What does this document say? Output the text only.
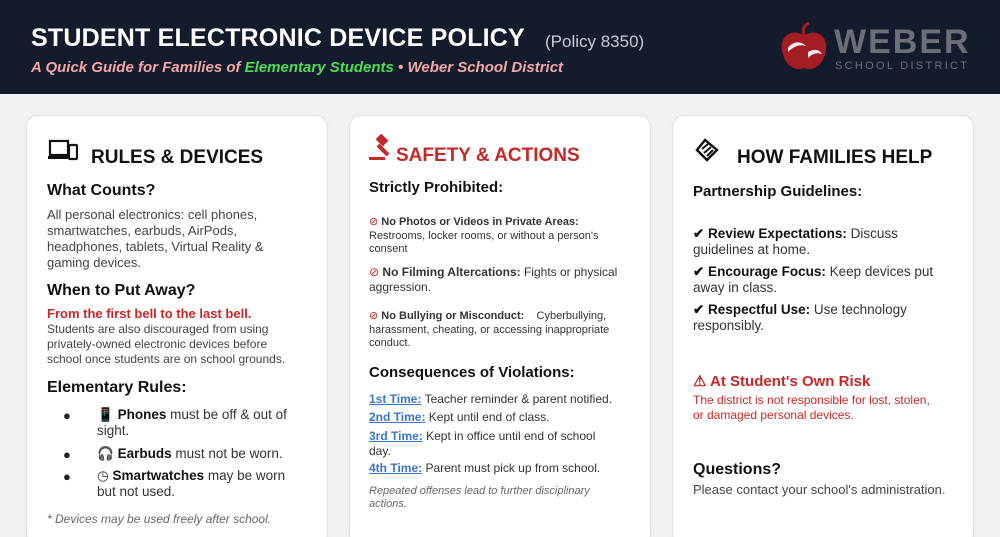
STUDENT ELECTRONIC DEVICE POLICY (Policy 8350)
A Quick Guide for Families of Elementary Students • Weber School District
WEBER
SCHOOL DISTRICT
RULES & DEVICES
What Counts?
All personal electronics: cell phones,
smartwatches, earbuds, AirPods,
headphones, tablets, Virtual Reality &
gaming devices.
When to Put Away?
From the first bell to the last bell.
Students are also discouraged from using
privately-owned electronic devices before
school once students are on school grounds.
Elementary Rules:
● 📱 Phones must be off & out of
sight.
● 🎧 Earbuds must not be worn.
● ◷ Smartwatches may be worn
but not used.
* Devices may be used freely after school.
SAFETY & ACTIONS
Strictly Prohibited:
⊘ No Photos or Videos in Private Areas:
Restrooms, locker rooms, or without a person's
consent
⊘ No Filming Altercations: Fights or physical
aggression.
⊘ No Bullying or Misconduct: Cyberbullying,
harassment, cheating, or accessing inappropriate
conduct.
Consequences of Violations:
1st Time: Teacher reminder & parent notified.
2nd Time: Kept until end of class.
3rd Time: Kept in office until end of school
day.
4th Time: Parent must pick up from school.
Repeated offenses lead to further disciplinary
actions.
HOW FAMILIES HELP
Partnership Guidelines:
✔ Review Expectations: Discuss
guidelines at home.
✔ Encourage Focus: Keep devices put
away in class.
✔ Respectful Use: Use technology
responsibly.
⚠ At Student's Own Risk
The district is not responsible for lost, stolen,
or damaged personal devices.
Questions?
Please contact your school's administration.
